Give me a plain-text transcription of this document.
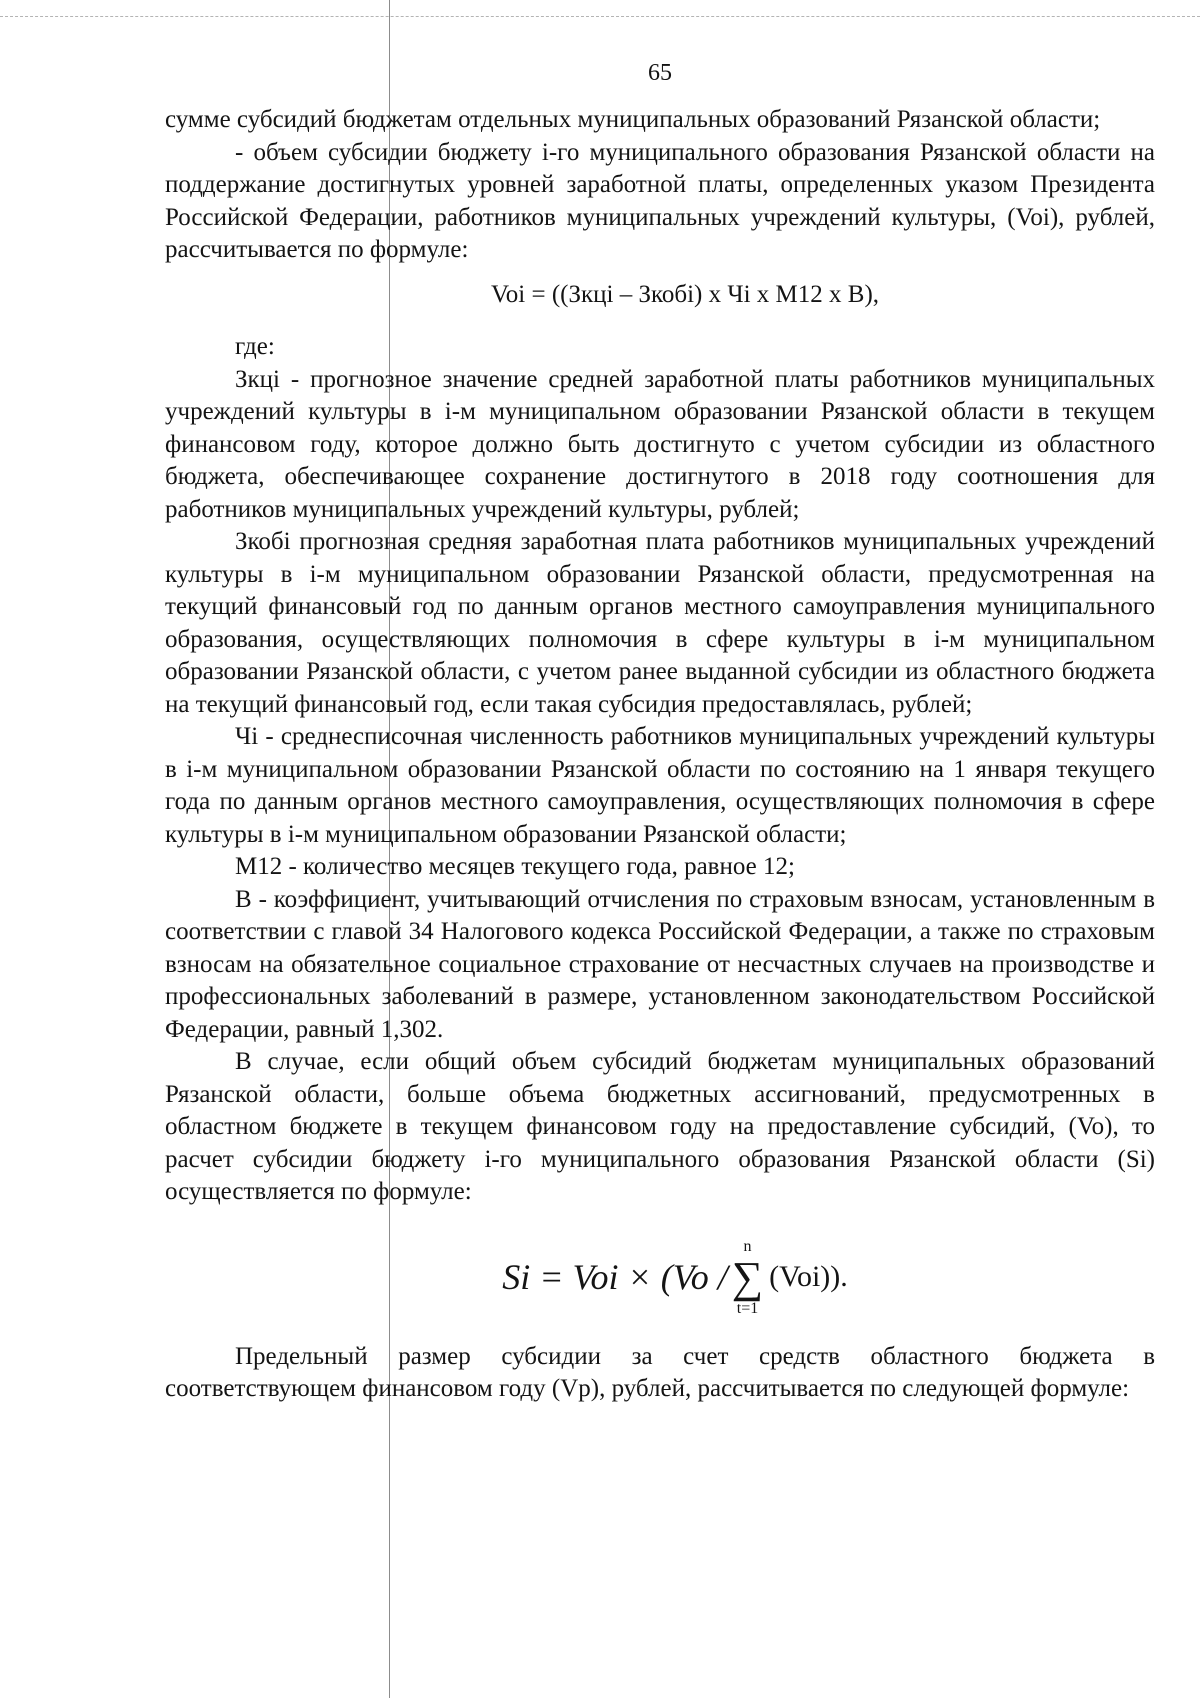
65

сумме субсидий бюджетам отдельных муниципальных образований Рязанской области;

- объем субсидии бюджету i-го муниципального образования Рязанской области на поддержание достигнутых уровней заработной платы, определенных указом Президента Российской Федерации, работников муниципальных учреждений культуры, (Voi), рублей, рассчитывается по формуле:

Voi = ((Зкці – Зкобі) х Чі х М12 х В),

где:

Зкці - прогнозное значение средней заработной платы работников муниципальных учреждений культуры в i-м муниципальном образовании Рязанской области в текущем финансовом году, которое должно быть достигнуто с учетом субсидии из областного бюджета, обеспечивающее сохранение достигнутого в 2018 году соотношения для работников муниципальных учреждений культуры, рублей;

Зкобі прогнозная средняя заработная плата работников муниципальных учреждений культуры в i-м муниципальном образовании Рязанской области, предусмотренная на текущий финансовый год по данным органов местного самоуправления муниципального образования, осуществляющих полномочия в сфере культуры в i-м муниципальном образовании Рязанской области, с учетом ранее выданной субсидии из областного бюджета на текущий финансовый год, если такая субсидия предоставлялась, рублей;

Чі - среднесписочная численность работников муниципальных учреждений культуры в i-м муниципальном образовании Рязанской области по состоянию на 1 января текущего года по данным органов местного самоуправления, осуществляющих полномочия в сфере культуры в i-м муниципальном образовании Рязанской области;

М12 - количество месяцев текущего года, равное 12;

В - коэффициент, учитывающий отчисления по страховым взносам, установленным в соответствии с главой 34 Налогового кодекса Российской Федерации, а также по страховым взносам на обязательное социальное страхование от несчастных случаев на производстве и профессиональных заболеваний в размере, установленном законодательством Российской Федерации, равный 1,302.

В случае, если общий объем субсидий бюджетам муниципальных образований Рязанской области, больше объема бюджетных ассигнований, предусмотренных в областном бюджете в текущем финансовом году на предоставление субсидий, (Vo), то расчет субсидии бюджету i-го муниципального образования Рязанской области (Si) осуществляется по формуле:

Si = Voi × (Vo /
n
∑
t=1
(Voi)).

Предельный размер субсидии за счет средств областного бюджета в соответствующем финансовом году (Vp), рублей, рассчитывается по следующей формуле:
